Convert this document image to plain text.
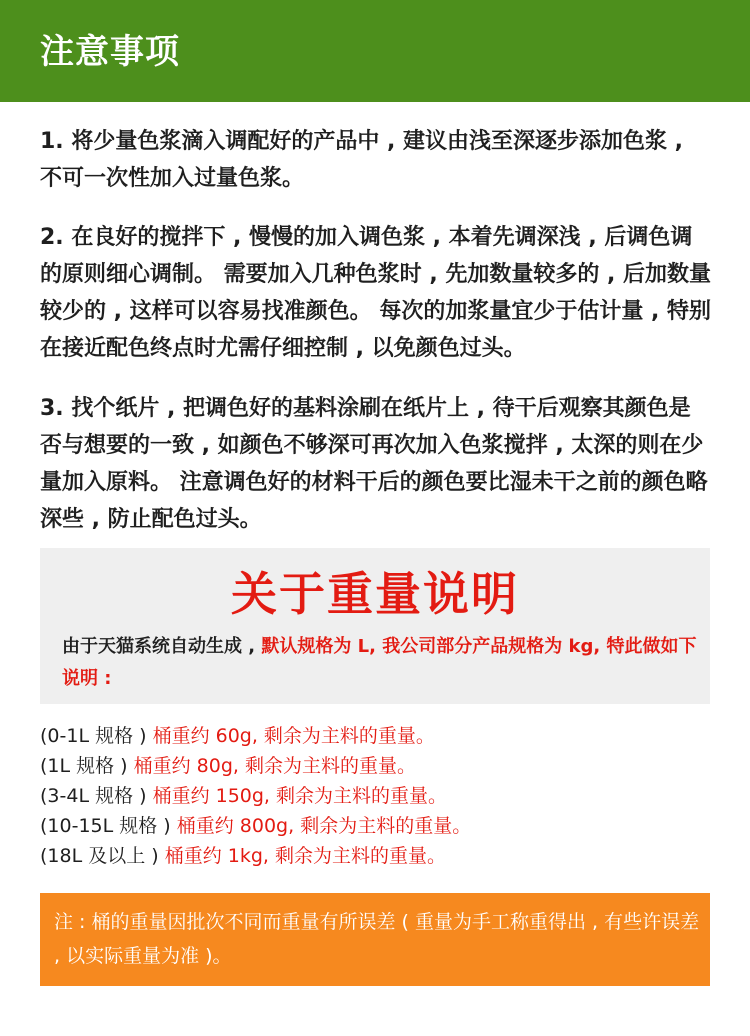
注意事项

1. 将少量色浆滴入调配好的产品中 , 建议由浅至深逐步添加色浆 , 不可一次性加入过量色浆。

2. 在良好的搅拌下 , 慢慢的加入调色浆 , 本着先调深浅 , 后调色调的原则细心调制。 需要加入几种色浆时 , 先加数量较多的 , 后加数量较少的 , 这样可以容易找准颜色。 每次的加浆量宜少于估计量 , 特别在接近配色终点时尤需仔细控制 , 以免颜色过头。

3. 找个纸片 , 把调色好的基料涂刷在纸片上 , 待干后观察其颜色是否与想要的一致 , 如颜色不够深可再次加入色浆搅拌 , 太深的则在少量加入原料。 注意调色好的材料干后的颜色要比湿未干之前的颜色略深些 , 防止配色过头。

关于重量说明
由于天猫系统自动生成 , 默认规格为 L, 我公司部分产品规格为 kg, 特此做如下说明 :
(0-1L 规格 ) 桶重约 60g, 剩余为主料的重量。
(1L 规格 ) 桶重约 80g, 剩余为主料的重量。
(3-4L 规格 ) 桶重约 150g, 剩余为主料的重量。
(10-15L 规格 ) 桶重约 800g, 剩余为主料的重量。
(18L 及以上 ) 桶重约 1kg, 剩余为主料的重量。
注 : 桶的重量因批次不同而重量有所误差 ( 重量为手工称重得出 , 有些许误差 , 以实际重量为准 )。
